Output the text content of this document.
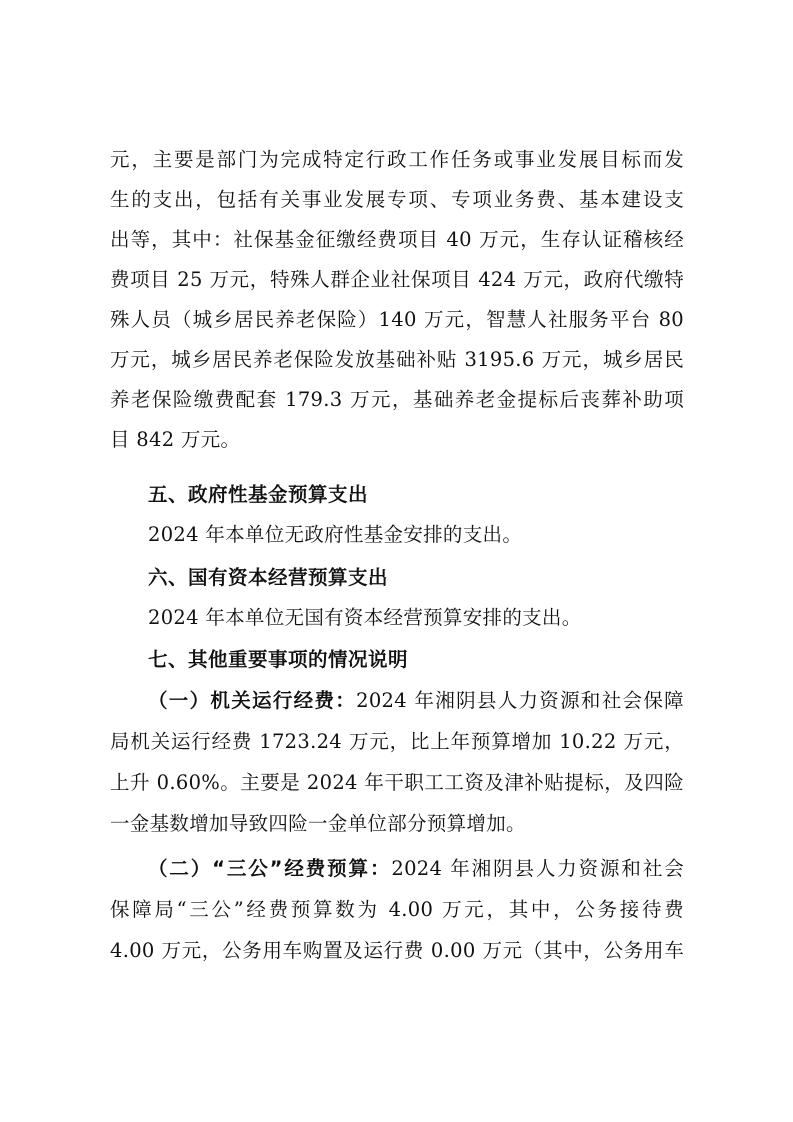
元，主要是部门为完成特定行政工作任务或事业发展目标而发
生的支出，包括有关事业发展专项、专项业务费、基本建设支
出等，其中：社保基金征缴经费项目 40 万元，生存认证稽核经
费项目 25 万元，特殊人群企业社保项目 424 万元，政府代缴特
殊人员（城乡居民养老保险）140 万元，智慧人社服务平台 80
万元，城乡居民养老保险发放基础补贴 3195.6 万元，城乡居民
养老保险缴费配套 179.3 万元，基础养老金提标后丧葬补助项
目 842 万元。
五、政府性基金预算支出
2024 年本单位无政府性基金安排的支出。
六、国有资本经营预算支出
2024 年本单位无国有资本经营预算安排的支出。
七、其他重要事项的情况说明
（一）机关运行经费：2024 年湘阴县人力资源和社会保障
局机关运行经费 1723.24 万元，比上年预算增加 10.22 万元，
上升 0.60%。主要是 2024 年干职工工资及津补贴提标，及四险
一金基数增加导致四险一金单位部分预算增加。
（二）“三公”经费预算：2024 年湘阴县人力资源和社会
保障局“三公”经费预算数为 4.00 万元，其中，公务接待费
4.00 万元，公务用车购置及运行费 0.00 万元（其中，公务用车
